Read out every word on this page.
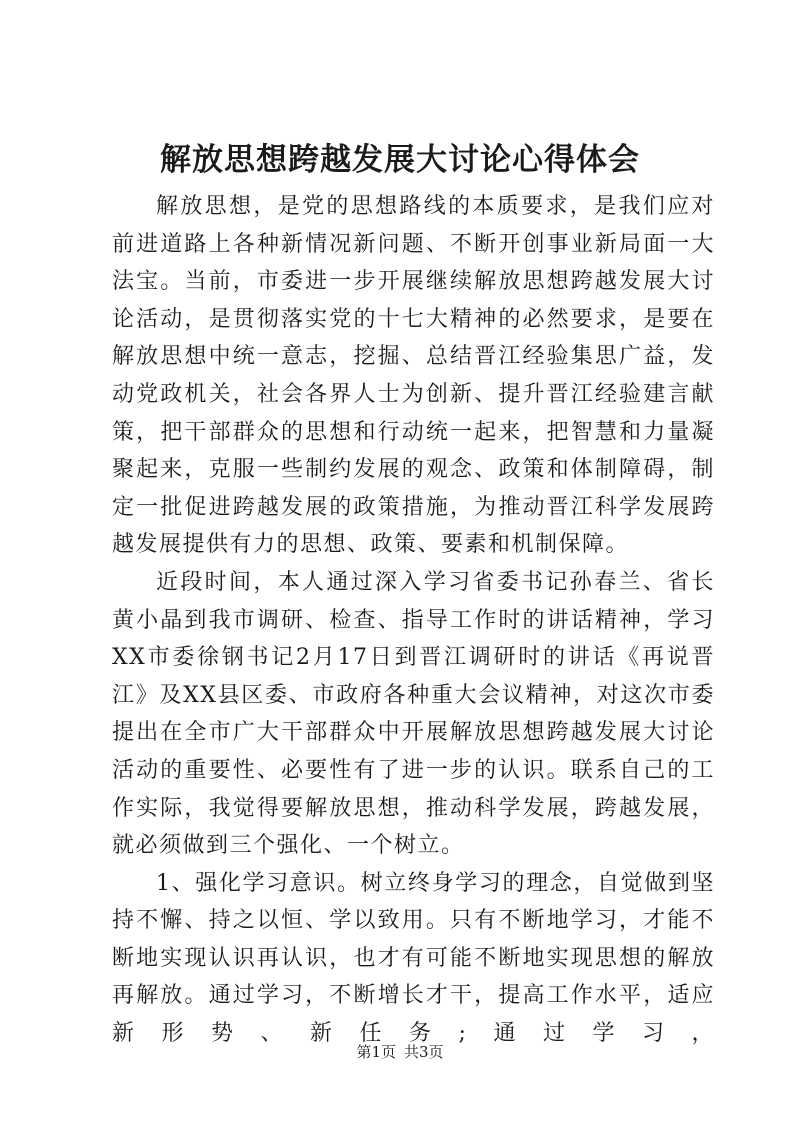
解放思想跨越发展大讨论心得体会

解放思想，是党的思想路线的本质要求，是我们应对前进道路上各种新情况新问题、不断开创事业新局面一大法宝。当前，市委进一步开展继续解放思想跨越发展大讨论活动，是贯彻落实党的十七大精神的必然要求，是要在解放思想中统一意志，挖掘、总结晋江经验集思广益，发动党政机关，社会各界人士为创新、提升晋江经验建言献策，把干部群众的思想和行动统一起来，把智慧和力量凝聚起来，克服一些制约发展的观念、政策和体制障碍，制定一批促进跨越发展的政策措施，为推动晋江科学发展跨越发展提供有力的思想、政策、要素和机制保障。

近段时间，本人通过深入学习省委书记孙春兰、省长黄小晶到我市调研、检查、指导工作时的讲话精神，学习XX市委徐钢书记2月17日到晋江调研时的讲话《再说晋江》及XX县区委、市政府各种重大会议精神，对这次市委提出在全市广大干部群众中开展解放思想跨越发展大讨论活动的重要性、必要性有了进一步的认识。联系自己的工作实际，我觉得要解放思想，推动科学发展，跨越发展，就必须做到三个强化、一个树立。

1、强化学习意识。树立终身学习的理念，自觉做到坚持不懈、持之以恒、学以致用。只有不断地学习，才能不断地实现认识再认识，也才有可能不断地实现思想的解放再解放。通过学习，不断增长才干，提高工作水平，适应新形势、新任务;通过学习，

第1页 共3页
